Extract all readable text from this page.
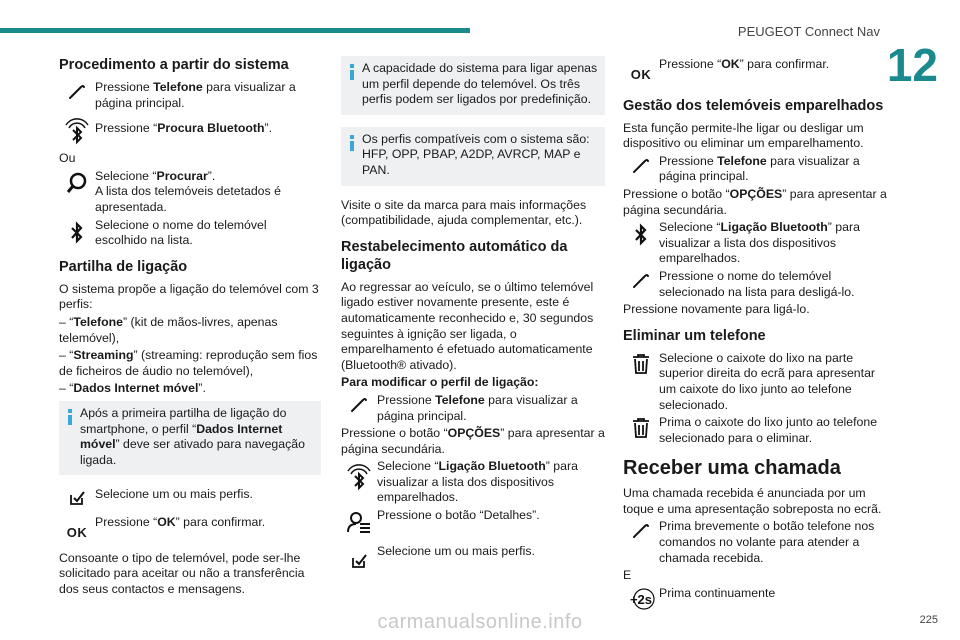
PEUGEOT Connect Nav
12
Procedimento a partir do sistema
Pressione Telefone para visualizar a página principal.
Pressione “Procura Bluetooth”.

Ou

Selecione “Procurar”.
A lista dos telemóveis detetados é apresentada.
Selecione o nome do telemóvel escolhido na lista.
Partilha de ligação

O sistema propõe a ligação do telemóvel com 3 perfis:

– “Telefone” (kit de mãos-livres, apenas telemóvel),

– “Streaming” (streaming: reprodução sem fios de ficheiros de áudio no telemóvel),

– “Dados Internet móvel”.

Após a primeira partilha de ligação do smartphone, o perfil “Dados Internet móvel” deve ser ativado para navegação ligada.
Selecione um ou mais perfis.
OK
Pressione “OK” para confirmar.

Consoante o tipo de telemóvel, pode ser-lhe solicitado para aceitar ou não a transferência dos seus contactos e mensagens.

A capacidade do sistema para ligar apenas um perfil depende do telemóvel. Os três perfis podem ser ligados por predefinição.
Os perfis compatíveis com o sistema são: HFP, OPP, PBAP, A2DP, AVRCP, MAP e PAN.

Visite o site da marca para mais informações (compatibilidade, ajuda complementar, etc.).

Restabelecimento automático da ligação

Ao regressar ao veículo, se o último telemóvel ligado estiver novamente presente, este é automaticamente reconhecido e, 30 segundos seguintes à ignição ser ligada, o emparelhamento é efetuado automaticamente (Bluetooth® ativado).

Para modificar o perfil de ligação:

Pressione Telefone para visualizar a página principal.

Pressione o botão “OPÇÕES” para apresentar a página secundária.

Selecione “Ligação Bluetooth” para visualizar a lista dos dispositivos emparelhados.
Pressione o botão “Detalhes”.
Selecione um ou mais perfis.
OK
Pressione “OK” para confirmar.
Gestão dos telemóveis emparelhados

Esta função permite-lhe ligar ou desligar um dispositivo ou eliminar um emparelhamento.

Pressione Telefone para visualizar a página principal.

Pressione o botão “OPÇÕES” para apresentar a página secundária.

Selecione “Ligação Bluetooth” para visualizar a lista dos dispositivos emparelhados.
Pressione o nome do telemóvel selecionado na lista para desligá-lo.

Pressione novamente para ligá-lo.

Eliminar um telefone
Selecione o caixote do lixo na parte superior direita do ecrã para apresentar um caixote do lixo junto ao telefone selecionado.
Prima o caixote do lixo junto ao telefone selecionado para o eliminar.
Receber uma chamada

Uma chamada recebida é anunciada por um toque e uma apresentação sobreposta no ecrã.

Prima brevemente o botão telefone nos comandos no volante para atender a chamada recebida.

E

+2s Prima continuamente
225
carmanualsonline.info
